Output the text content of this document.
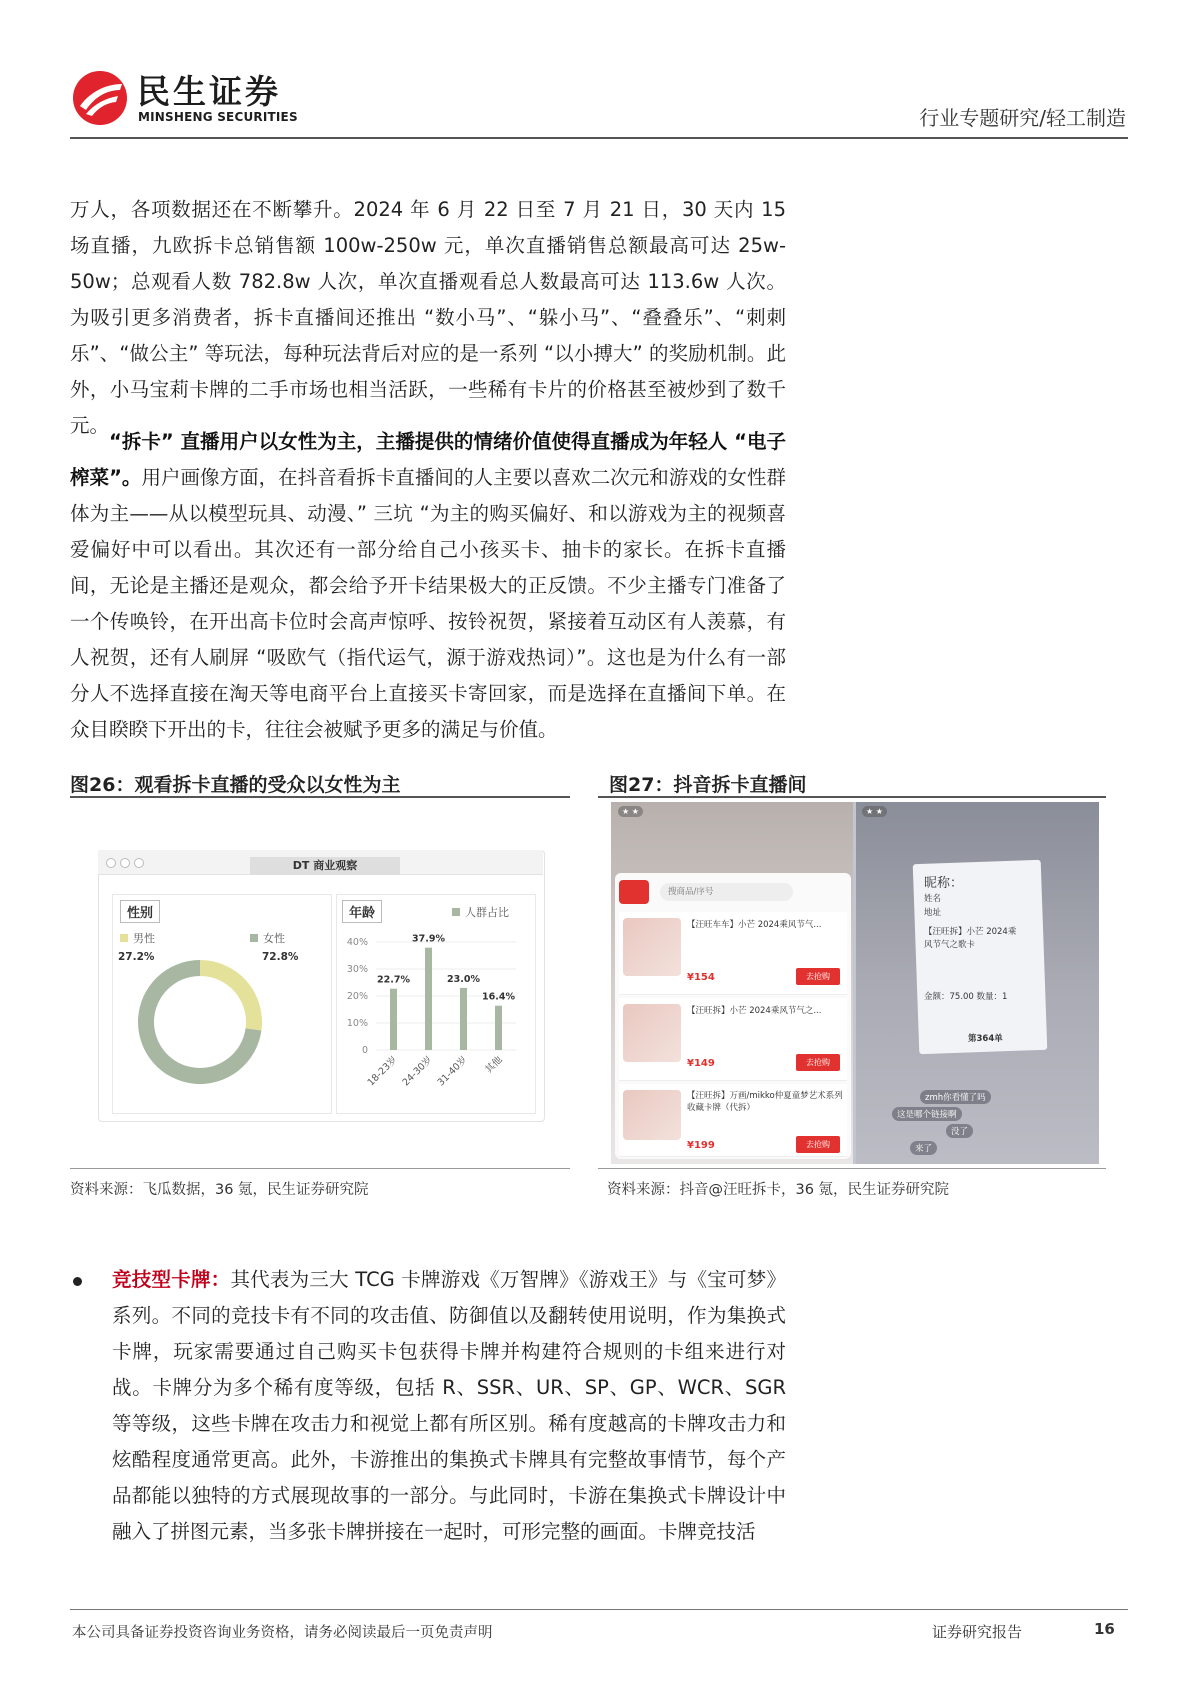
民生证券
MINSHENG SECURITIES	行业专题研究/轻工制造

万人，各项数据还在不断攀升。2024 年 6 月 22 日至 7 月 21 日，30 天内 15 场直播，九欧拆卡总销售额 100w-250w 元，单次直播销售总额最高可达 25w-50w；总观看人数 782.8w 人次，单次直播观看总人数最高可达 113.6w 人次。为吸引更多消费者，拆卡直播间还推出 “数小马”、“躲小马”、“叠叠乐”、“刺刺乐”、“做公主” 等玩法，每种玩法背后对应的是一系列 “以小搏大” 的奖励机制。此外，小马宝莉卡牌的二手市场也相当活跃，一些稀有卡片的价格甚至被炒到了数千元。

“拆卡” 直播用户以女性为主，主播提供的情绪价值使得直播成为年轻人 “电子榨菜”。用户画像方面，在抖音看拆卡直播间的人主要以喜欢二次元和游戏的女性群体为主——从以模型玩具、动漫、” 三坑 “为主的购买偏好、和以游戏为主的视频喜爱偏好中可以看出。其次还有一部分给自己小孩买卡、抽卡的家长。在拆卡直播间，无论是主播还是观众，都会给予开卡结果极大的正反馈。不少主播专门准备了一个传唤铃，在开出高卡位时会高声惊呼、按铃祝贺，紧接着互动区有人羡慕，有人祝贺，还有人刷屏 “吸欧气（指代运气，源于游戏热词）”。这也是为什么有一部分人不选择直接在淘天等电商平台上直接买卡寄回家，而是选择在直播间下单。在众目睽睽下开出的卡，往往会被赋予更多的满足与价值。

图26：观看拆卡直播的受众以女性为主
DT 商业观察
性别
男性	女性
27.2%	72.8%
年龄	人群占比
40%
30%
20%
10%
0
22.7%
18-23岁
37.9%
24-30岁
23.0%
31-40岁
16.4%
其他
资料来源：飞瓜数据，36 氪，民生证券研究院
图27：抖音拆卡直播间
★ ★	★ ★
搜商品/序号
【汪旺车车】小芒 2024乘风节气...
¥154	去抢购
【汪旺拆】小芒 2024乘风节气之...
¥149	去抢购
【汪旺拆】万画/mikko仲夏童梦艺术系列收藏卡牌（代拆）
¥199	去抢购
昵称：
姓名
地址
【汪旺拆】小芒 2024乘
风节气之歌卡
金额：75.00 数量：1
第364单
zmh你看懂了吗
这是哪个链接啊
没了
来了
资料来源：抖音@汪旺拆卡，36 氪，民生证券研究院
竞技型卡牌：其代表为三大 TCG 卡牌游戏《万智牌》《游戏王》与《宝可梦》系列。不同的竞技卡有不同的攻击值、防御值以及翻转使用说明，作为集换式卡牌，玩家需要通过自己购买卡包获得卡牌并构建符合规则的卡组来进行对战。卡牌分为多个稀有度等级，包括 R、SSR、UR、SP、GP、WCR、SGR 等等级，这些卡牌在攻击力和视觉上都有所区别。稀有度越高的卡牌攻击力和炫酷程度通常更高。此外，卡游推出的集换式卡牌具有完整故事情节，每个产品都能以独特的方式展现故事的一部分。与此同时，卡游在集换式卡牌设计中融入了拼图元素，当多张卡牌拼接在一起时，可形完整的画面。卡牌竞技活
本公司具备证券投资咨询业务资格，请务必阅读最后一页免责声明	证券研究报告	16
